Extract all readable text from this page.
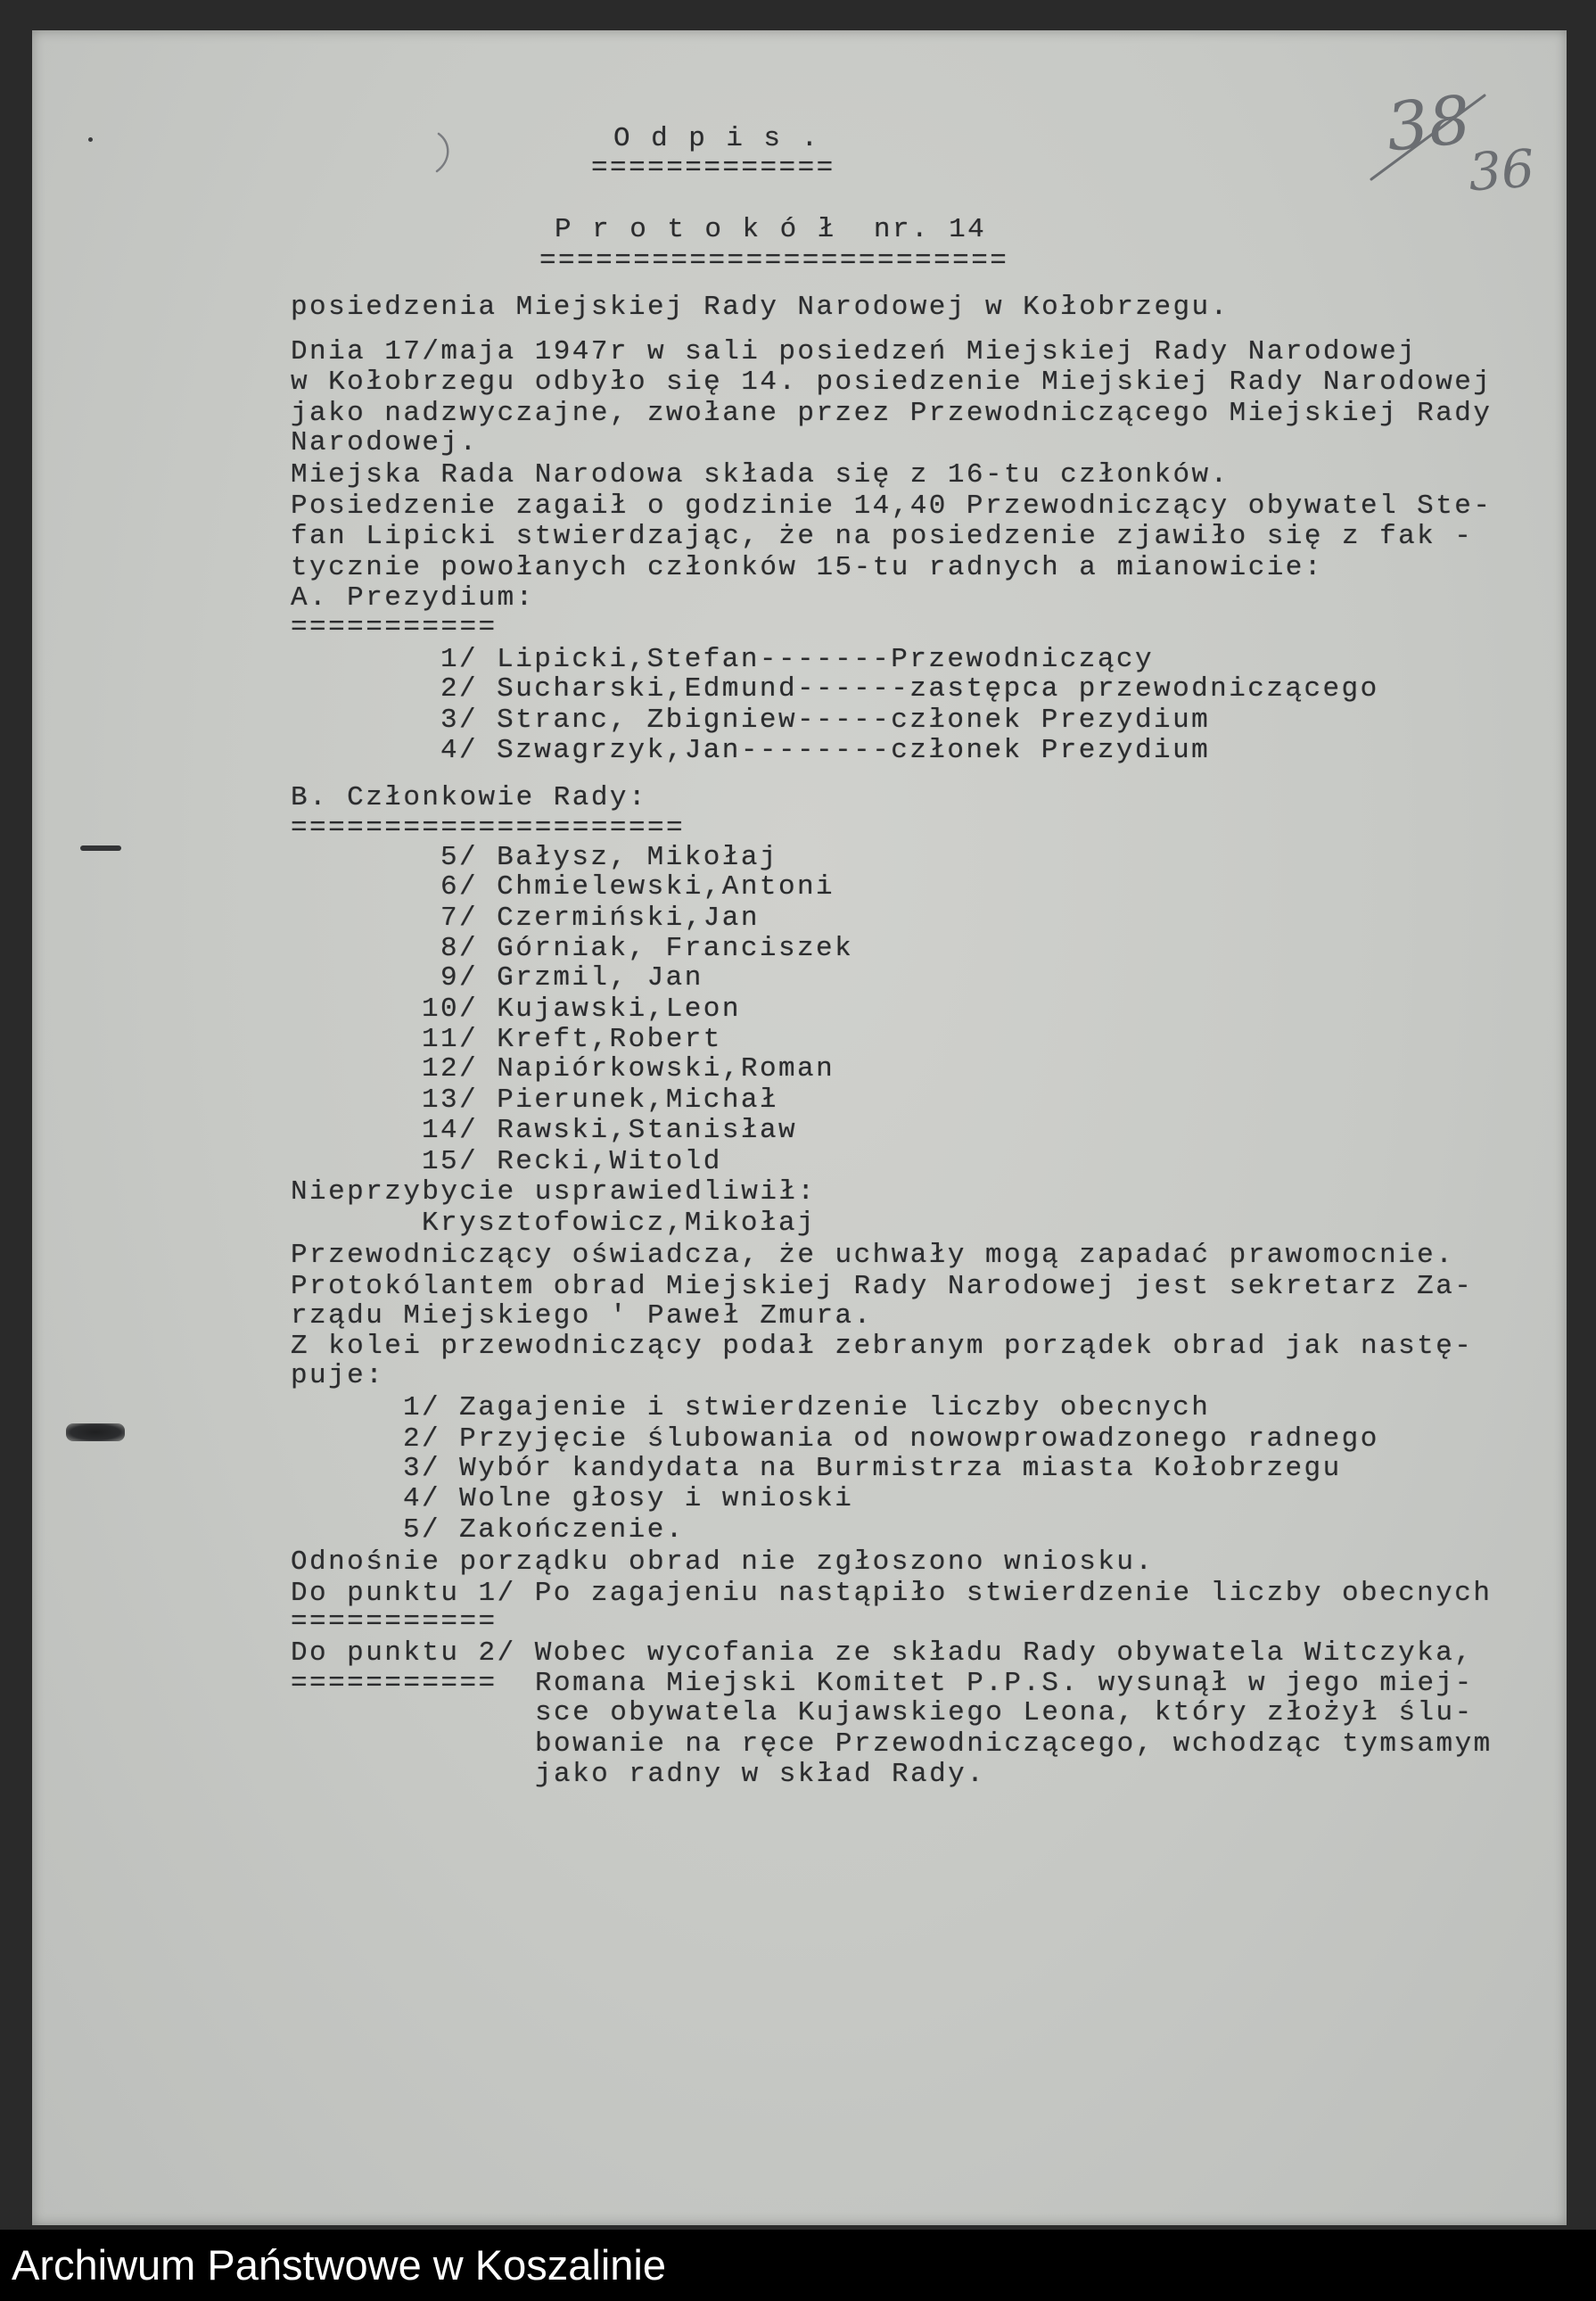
38
36
O d p i s .
=============
P r o t o k ó ł  nr. 14
=========================
posiedzenia Miejskiej Rady Narodowej w Kołobrzegu.
Dnia 17/maja 1947r w sali posiedzeń Miejskiej Rady Narodowej
w Kołobrzegu odbyło się 14. posiedzenie Miejskiej Rady Narodowej
jako nadzwyczajne, zwołane przez Przewodniczącego Miejskiej Rady
Narodowej.
Miejska Rada Narodowa składa się z 16-tu członków.
Posiedzenie zagaił o godzinie 14,40 Przewodniczący obywatel Ste-
fan Lipicki stwierdzając, że na posiedzenie zjawiło się z fak -
tycznie powołanych członków 15-tu radnych a mianowicie:
A. Prezydium:
===========
1/ Lipicki,Stefan-------Przewodniczący
2/ Sucharski,Edmund------zastępca przewodniczącego
3/ Stranc, Zbigniew-----członek Prezydium
4/ Szwagrzyk,Jan--------członek Prezydium
B. Członkowie Rady:
=====================
5/ Bałysz, Mikołaj
6/ Chmielewski,Antoni
7/ Czermiński,Jan
8/ Górniak, Franciszek
9/ Grzmil, Jan
10/ Kujawski,Leon
11/ Kreft,Robert
12/ Napiórkowski,Roman
13/ Pierunek,Michał
14/ Rawski,Stanisław
15/ Recki,Witold
Nieprzybycie usprawiedliwił:
Krysztofowicz,Mikołaj
Przewodniczący oświadcza, że uchwały mogą zapadać prawomocnie.
Protokólantem obrad Miejskiej Rady Narodowej jest sekretarz Za-
rządu Miejskiego ' Paweł Zmura.
Z kolei przewodniczący podał zebranym porządek obrad jak nastę-
puje:
1/ Zagajenie i stwierdzenie liczby obecnych
2/ Przyjęcie ślubowania od nowowprowadzonego radnego
3/ Wybór kandydata na Burmistrza miasta Kołobrzegu
4/ Wolne głosy i wnioski
5/ Zakończenie.
Odnośnie porządku obrad nie zgłoszono wniosku.
Do punktu 1/ Po zagajeniu nastąpiło stwierdzenie liczby obecnych
===========
Do punktu 2/ Wobec wycofania ze składu Rady obywatela Witczyka,
=========== Romana Miejski Komitet P.P.S. wysunął w jego miej-
sce obywatela Kujawskiego Leona, który złożył ślu-
bowanie na ręce Przewodniczącego, wchodząc tymsamym
jako radny w skład Rady.
Archiwum Państwowe w Koszalinie
